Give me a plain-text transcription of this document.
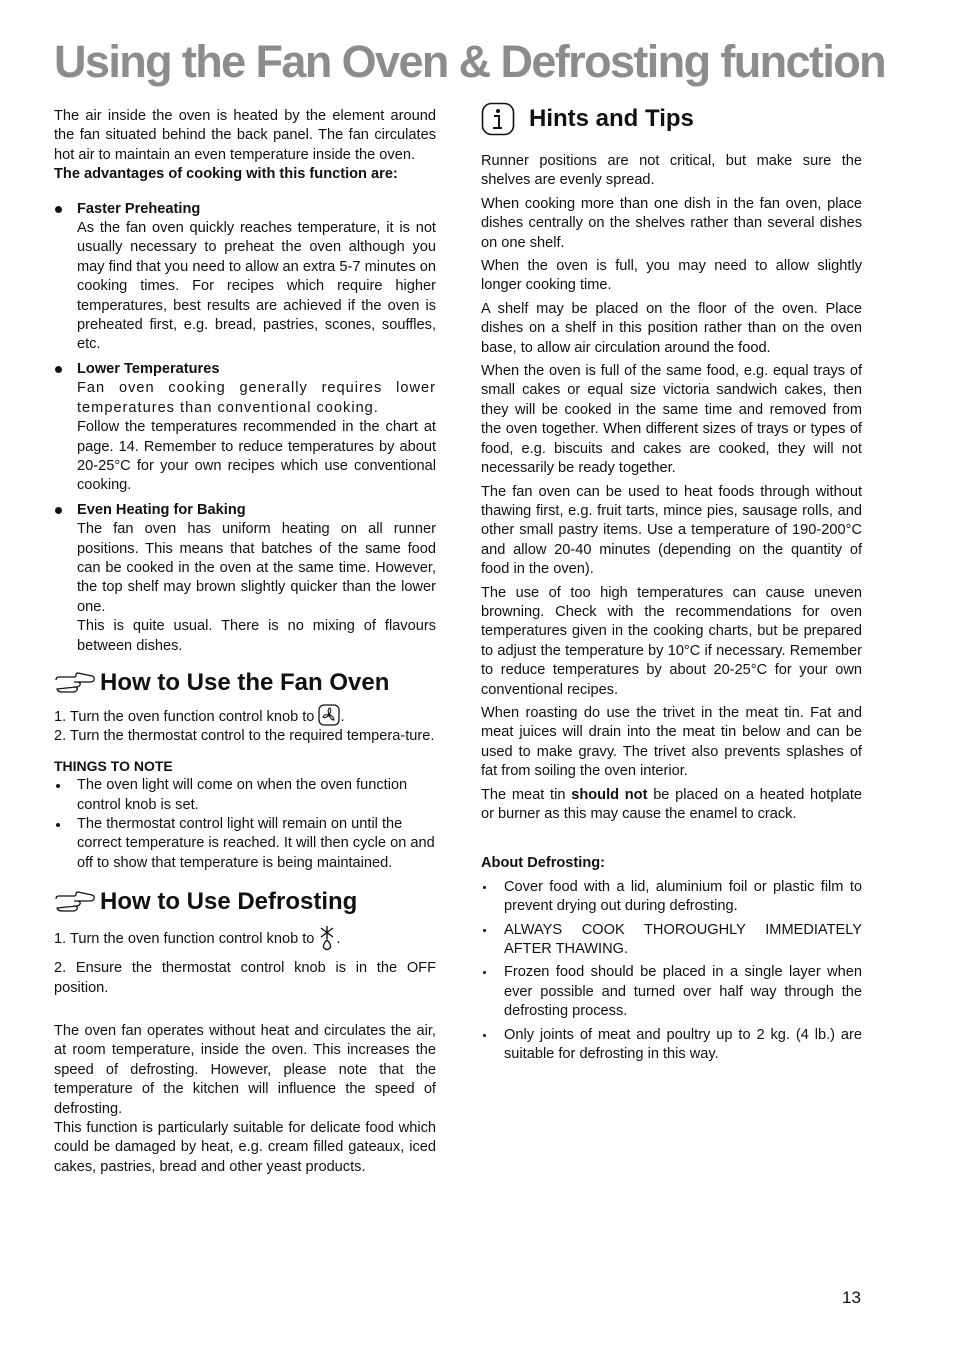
Using the Fan Oven & Defrosting function

The air inside the oven is heated by the element around the fan situated behind the back panel. The fan circulates hot air to maintain an even temperature inside the oven.

The advantages of cooking with this function are:

Faster Preheating
As the fan oven quickly reaches temperature, it is not usually necessary to preheat the oven although you may find that you need to allow an extra 5-7 minutes on cooking times. For recipes which require higher temperatures, best results are achieved if the oven is preheated first, e.g. bread, pastries, scones, souffles, etc.
Lower Temperatures
Fan oven cooking generally requires lower temperatures than conventional cooking.
Follow the temperatures recommended in the chart at page. 14. Remember to reduce temperatures by about 20-25°C for your own recipes which use conventional cooking.
Even Heating for Baking
The fan oven has uniform heating on all runner positions. This means that batches of the same food can be cooked in the oven at the same time. However, the top shelf may brown slightly quicker than the lower one.
This is quite usual. There is no mixing of flavours between dishes.
How to Use the Fan Oven

1. Turn the oven function control knob to .

2. Turn the thermostat control to the required tempera-ture.

THINGS TO NOTE
The oven light will come on when the oven function control knob is set.
The thermostat control light will remain on until the correct temperature is reached. It will then cycle on and off to show that temperature is being maintained.
How to Use Defrosting

1. Turn the oven function control knob to .

2. Ensure the thermostat control knob is in the OFF position.

The oven fan operates without heat and circulates the air, at room temperature, inside the oven. This increases the speed of defrosting. However, please note that the temperature of the kitchen will influence the speed of defrosting.

This function is particularly suitable for delicate food which could be damaged by heat, e.g. cream filled gateaux, iced cakes, pastries, bread and other yeast products.

Hints and Tips

Runner positions are not critical, but make sure the shelves are evenly spread.

When cooking more than one dish in the fan oven, place dishes centrally on the shelves rather than several dishes on one shelf.

When the oven is full, you may need to allow slightly longer cooking time.

A shelf may be placed on the floor of the oven. Place dishes on a shelf in this position rather than on the oven base, to allow air circulation around the food.

When the oven is full of the same food, e.g. equal trays of small cakes or equal size victoria sandwich cakes, then they will be cooked in the same time and removed from the oven together. When different sizes of trays or types of food, e.g. biscuits and cakes are cooked, they will not necessarily be ready together.

The fan oven can be used to heat foods through without thawing first, e.g. fruit tarts, mince pies, sausage rolls, and other small pastry items. Use a temperature of 190-200°C and allow 20-40 minutes (depending on the quantity of food in the oven).

The use of too high temperatures can cause uneven browning. Check with the recommendations for oven temperatures given in the cooking charts, but be prepared to adjust the temperature by 10°C if necessary. Remember to reduce temperatures by about 20-25°C for your own conventional recipes.

When roasting do use the trivet in the meat tin. Fat and meat juices will drain into the meat tin below and can be used to make gravy. The trivet also prevents splashes of fat from soiling the oven interior.

The meat tin should not be placed on a heated hotplate or burner as this may cause the enamel to crack.

About Defrosting:
Cover food with a lid, aluminium foil or plastic film to prevent drying out during defrosting.
ALWAYS COOK THOROUGHLY IMMEDIATELY AFTER THAWING.
Frozen food should be placed in a single layer when ever possible and turned over half way through the defrosting process.
Only joints of meat and poultry up to 2 kg. (4 lb.) are suitable for defrosting in this way.
13
